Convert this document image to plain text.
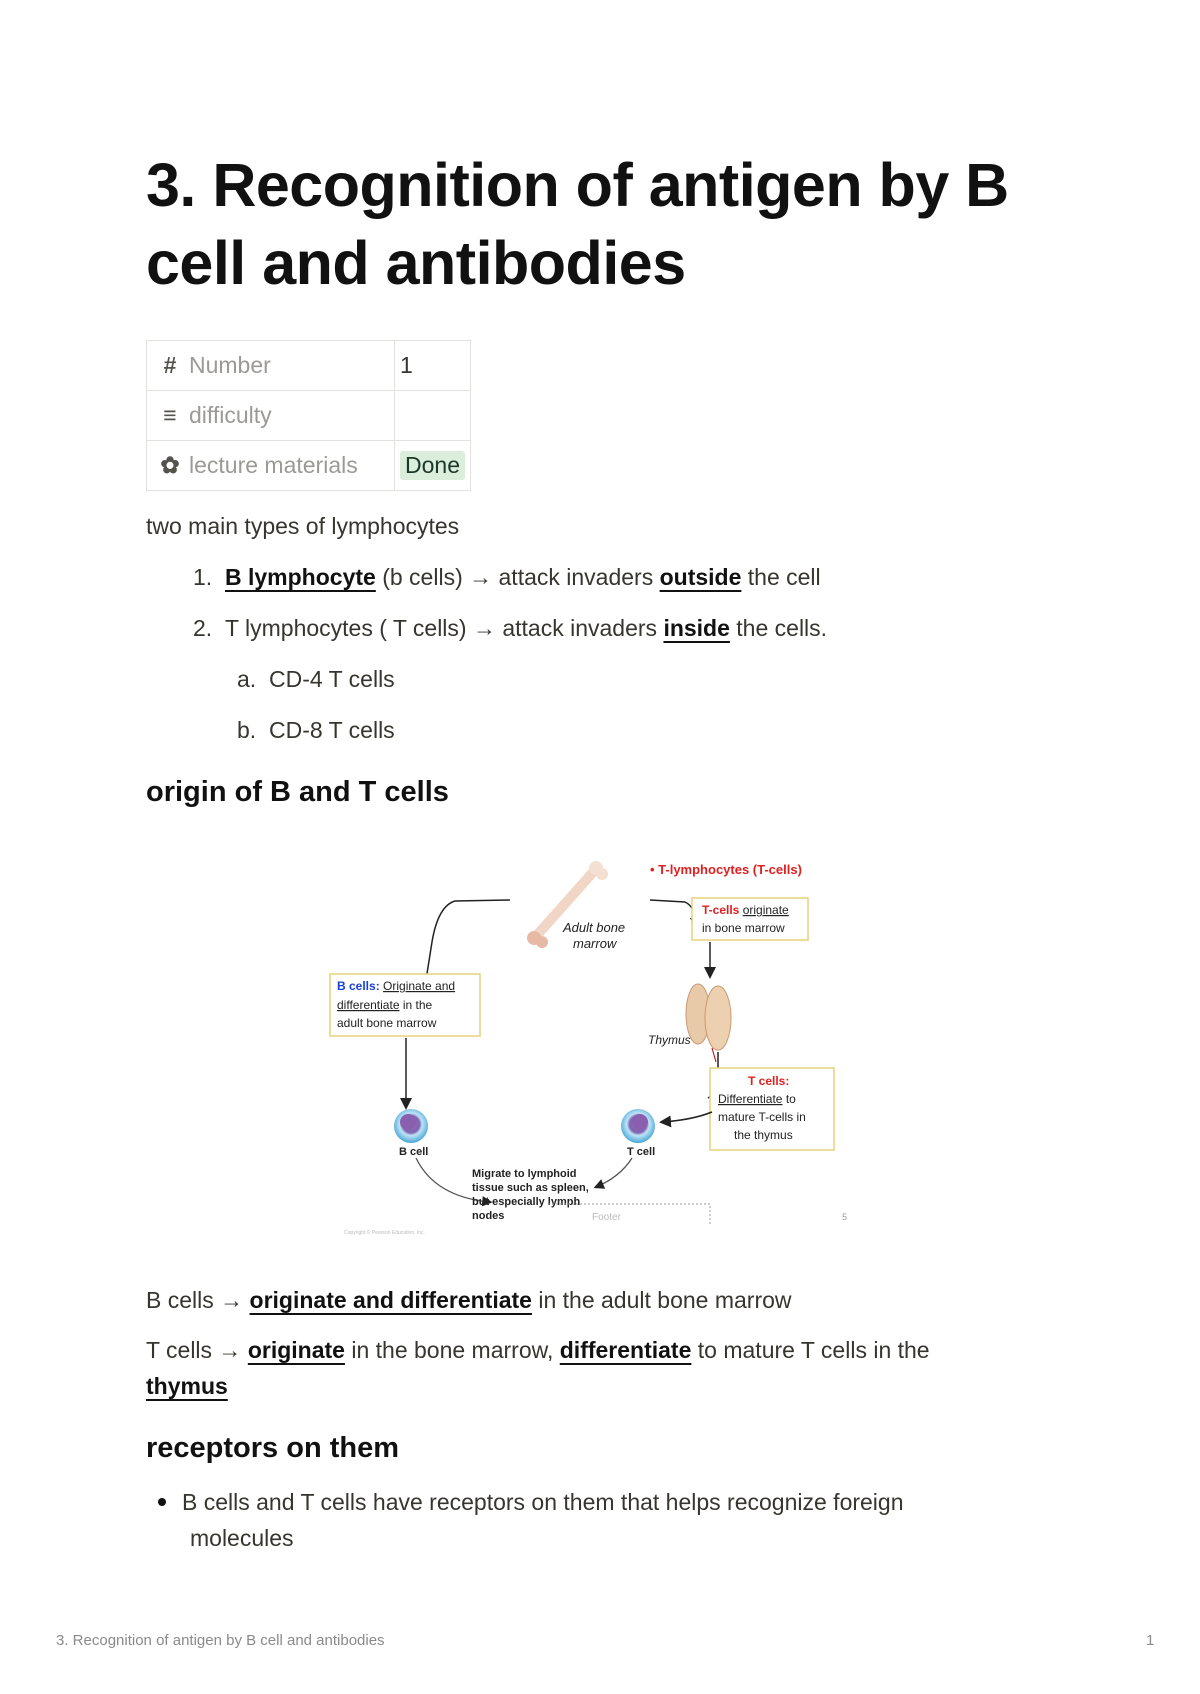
3. Recognition of antigen by B cell and antibodies
# Number	1
≡ difficulty	
✿ lecture materials	Done
two main types of lymphocytes
1. B lymphocyte (b cells) → attack invaders outside the cell
2. T lymphocytes ( T cells) → attack invaders inside the cells.
a. CD-4 T cells
b. CD-8 T cells
origin of B and T cells
Adult bone
marrow
• T-lymphocytes (T-cells)
T-cells originate
in bone marrow
Thymus
B cells: Originate and
differentiate in the
adult bone marrow
T cells:
Differentiate to
mature T-cells in
the thymus
B cell	T cell
Migrate to lymphoid
tissue such as spleen,
but especially lymph
nodes	Footer	5
Copyright © Pearson Education, Inc.
B cells → originate and differentiate in the adult bone marrow
T cells → originate in the bone marrow, differentiate to mature T cells in the
thymus
receptors on them
B cells and T cells have receptors on them that helps recognize foreign
molecules
3. Recognition of antigen by B cell and antibodies	1
